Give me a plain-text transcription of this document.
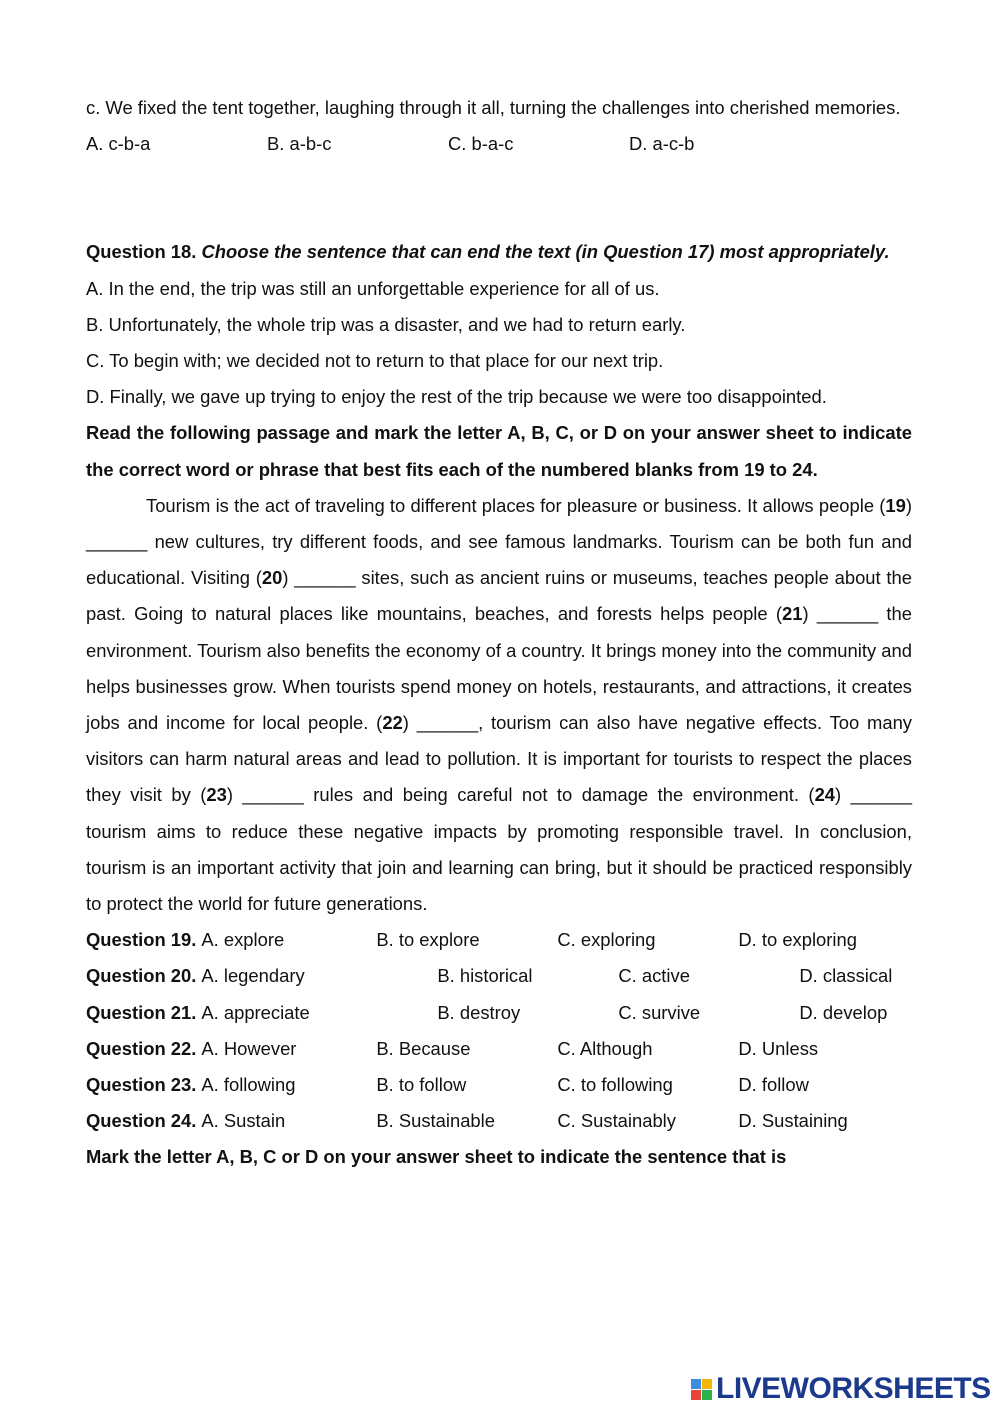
c. We fixed the tent together, laughing through it all, turning the challenges into cherished memories.

A. c-b-a	B. a-b-c	C. b-a-c	D. a-c-b

Question 18. Choose the sentence that can end the text (in Question 17) most appropriately.

A. In the end, the trip was still an unforgettable experience for all of us.

B. Unfortunately, the whole trip was a disaster, and we had to return early.

C. To begin with; we decided not to return to that place for our next trip.

D. Finally, we gave up trying to enjoy the rest of the trip because we were too disappointed.

Read the following passage and mark the letter A, B, C, or D on your answer sheet to indicate the correct word or phrase that best fits each of the numbered blanks from 19 to 24.

Tourism is the act of traveling to different places for pleasure or business. It allows people (19) ______ new cultures, try different foods, and see famous landmarks. Tourism can be both fun and educational. Visiting (20) ______ sites, such as ancient ruins or museums, teaches people about the past. Going to natural places like mountains, beaches, and forests helps people (21) ______ the environment. Tourism also benefits the economy of a country. It brings money into the community and helps businesses grow. When tourists spend money on hotels, restaurants, and attractions, it creates jobs and income for local people. (22) ______, tourism can also have negative effects. Too many visitors can harm natural areas and lead to pollution. It is important for tourists to respect the places they visit by (23) ______ rules and being careful not to damage the environment. (24) ______ tourism aims to reduce these negative impacts by promoting responsible travel. In conclusion, tourism is an important activity that join and learning can bring, but it should be practiced responsibly to protect the world for future generations.

Question 19. A. explore	B. to explore	C. exploring	D. to exploring
Question 20. A. legendary	B. historical	C. active	D. classical
Question 21. A. appreciate	B. destroy	C. survive	D. develop
Question 22. A. However	B. Because	C. Although	D. Unless
Question 23. A. following	B. to follow	C. to following	D. follow
Question 24. A. Sustain	B. Sustainable	C. Sustainably	D. Sustaining

Mark the letter A, B, C or D on your answer sheet to indicate the sentence that is

LIVEWORKSHEETS
